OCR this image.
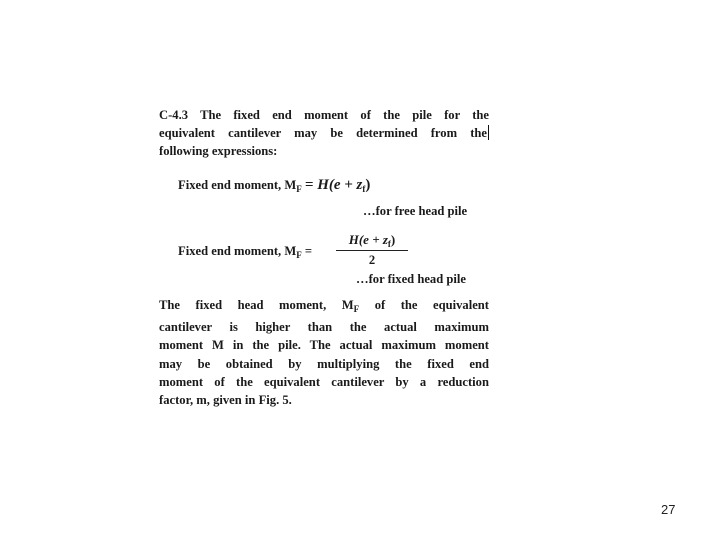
C-4.3 The fixed end moment of the pile for the
equivalent cantilever may be determined from the
following expressions:
Fixed end moment, $M_F = H(e + z_f)$
…for free head pile
Fixed end moment, $M_F$ =
$H(e + z_f)$
2
…for fixed head pile
The fixed head moment, $M_F$ of the equivalent
cantilever is higher than the actual maximum
moment M in the pile. The actual maximum moment
may be obtained by multiplying the fixed end
moment of the equivalent cantilever by a reduction
factor, m, given in Fig. 5.
27
